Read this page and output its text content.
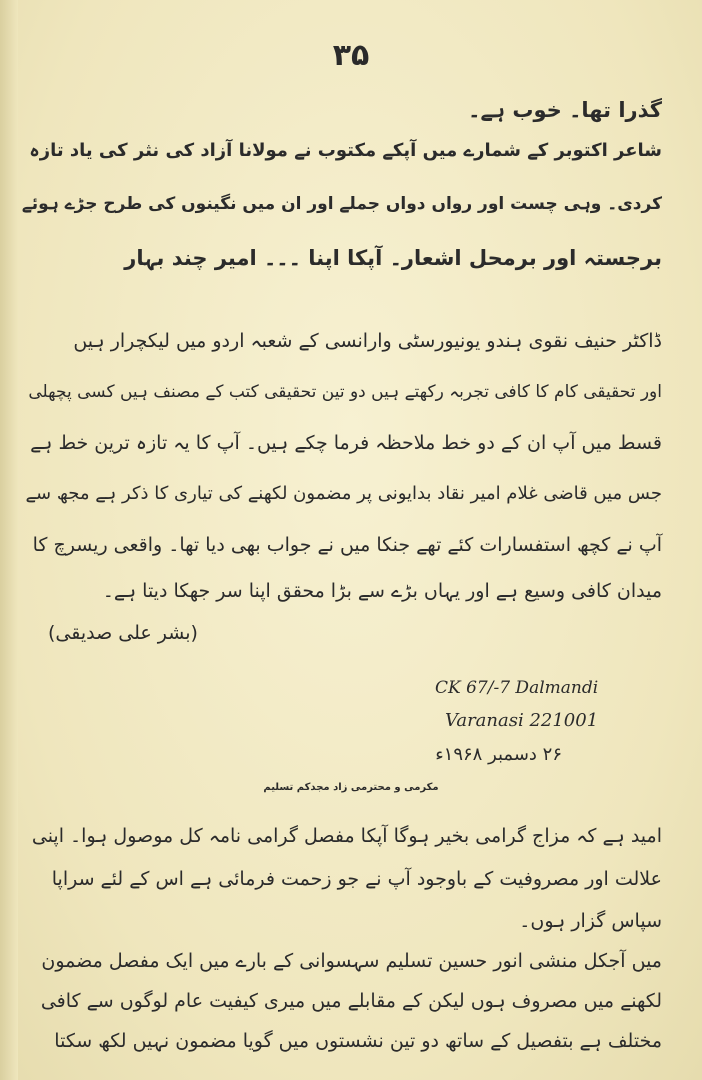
۳۵
گذرا تھا۔ خوب ہے۔
شاعر اکتوبر کے شمارے میں آپکے مکتوب نے مولانا آزاد کی نثر کی یاد تازہ
کردی۔ وہی چست اور رواں دواں جملے اور ان میں نگینوں کی طرح جڑے ہوئے
برجستہ اور برمحل اشعار۔ آپکا اپنا ۔۔۔ امیر چند بہار
ڈاکٹر حنیف نقوی ہندو یونیورسٹی وارانسی کے شعبہ اردو میں لیکچرار ہیں
اور تحقیقی کام کا کافی تجربہ رکھتے ہیں دو تین تحقیقی کتب کے مصنف ہیں کسی پچھلی
قسط میں آپ ان کے دو خط ملاحظہ فرما چکے ہیں۔ آپ کا یہ تازہ ترین خط ہے
جس میں قاضی غلام امیر نقاد بدایونی پر مضمون لکھنے کی تیاری کا ذکر ہے مجھ سے
آپ نے کچھ استفسارات کئے تھے جنکا میں نے جواب بھی دیا تھا۔ واقعی ریسرچ کا
میدان کافی وسیع ہے اور یہاں بڑے سے بڑا محقق اپنا سر جھکا دیتا ہے۔
(بشر علی صدیقی)
CK 67/-7 Dalmandi
Varanasi 221001
۲۶ دسمبر ۱۹۶۸ء
مکرمی و محترمی زاد مجدکم تسلیم
امید ہے کہ مزاج گرامی بخیر ہوگا آپکا مفصل گرامی نامہ کل موصول ہوا۔ اپنی
علالت اور مصروفیت کے باوجود آپ نے جو زحمت فرمائی ہے اس کے لئے سراپا
سپاس گزار ہوں۔
میں آجکل منشی انور حسین تسلیم سہسوانی کے بارے میں ایک مفصل مضمون
لکھنے میں مصروف ہوں لیکن کے مقابلے میں میری کیفیت عام لوگوں سے کافی
مختلف ہے بتفصیل کے ساتھ دو تین نشستوں میں گویا مضمون نہیں لکھ سکتا
